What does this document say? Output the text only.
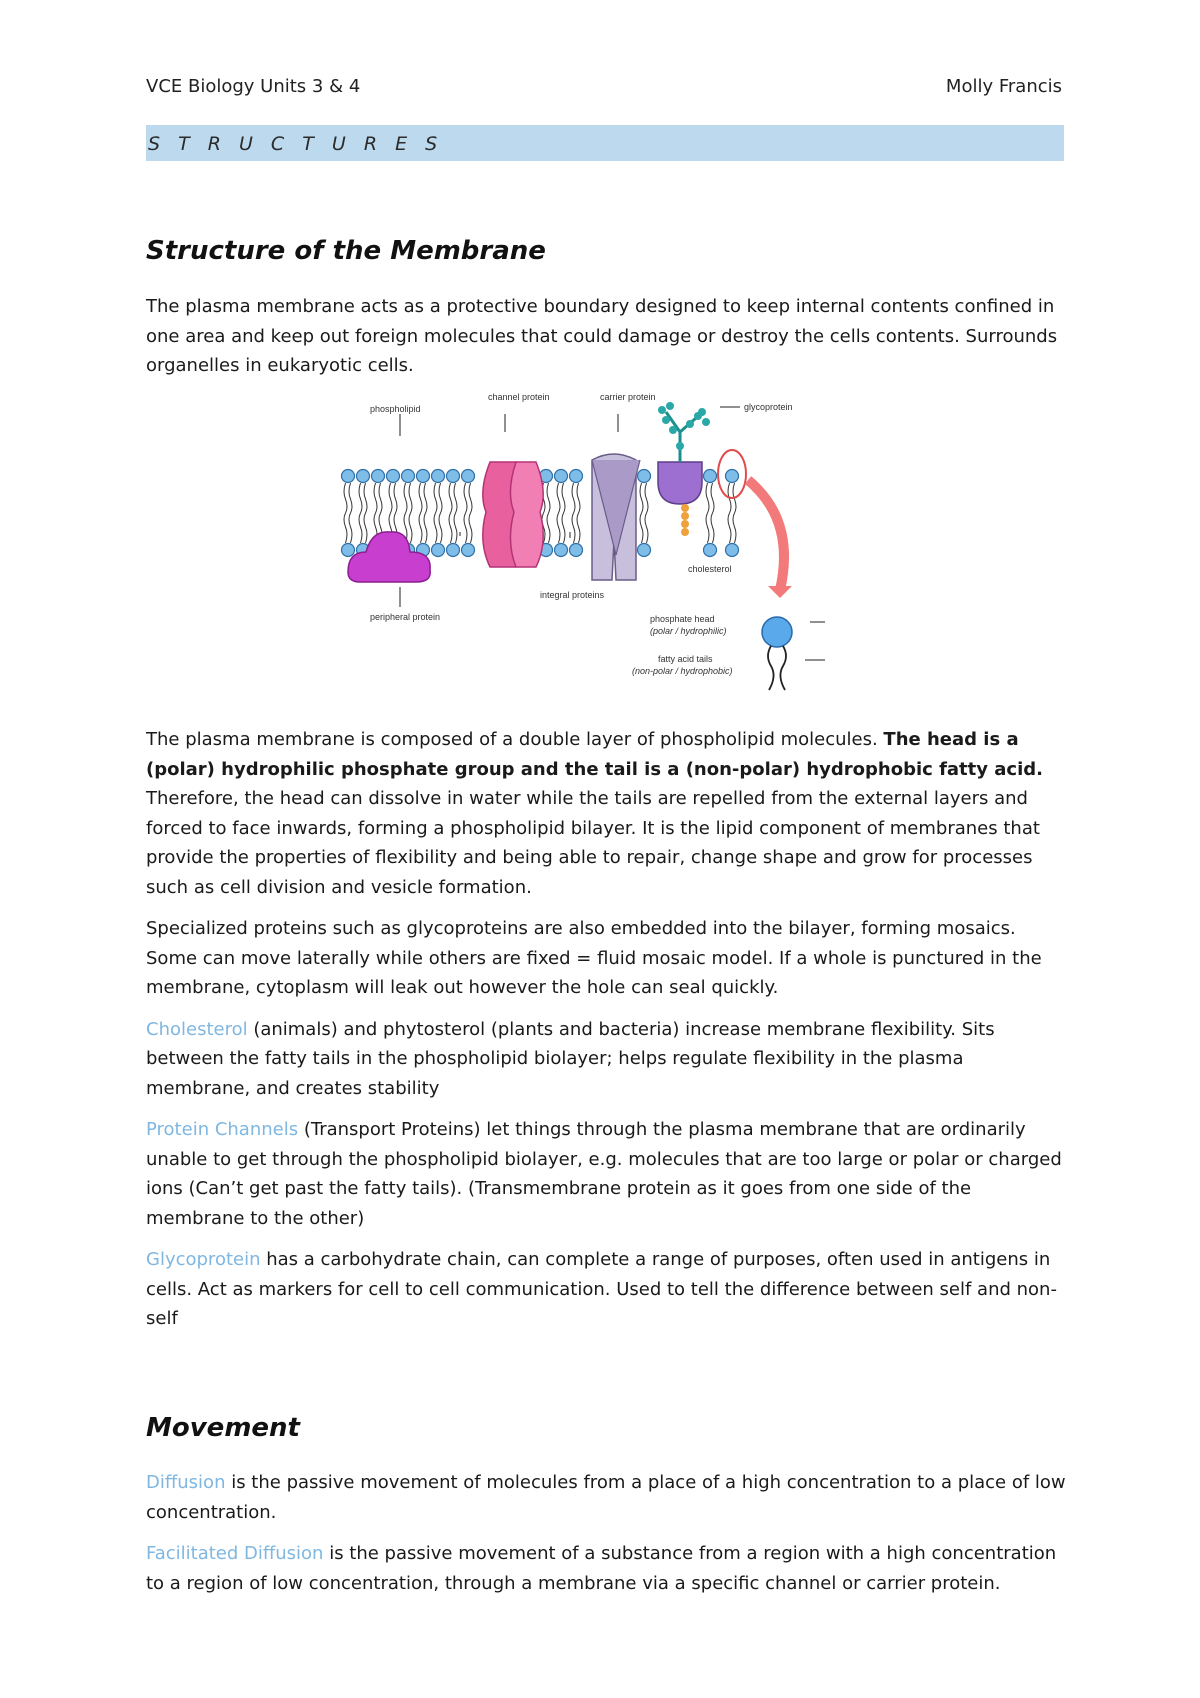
VCE Biology Units 3 & 4	Molly Francis
S T R U C T U R E S
Structure of the Membrane

The plasma membrane acts as a protective boundary designed to keep internal contents confined in one area and keep out foreign molecules that could damage or destroy the cells contents. Surrounds organelles in eukaryotic cells.

phospholipid
channel protein	carrier protein
glycoprotein
cholesterol
integral proteins
peripheral protein	phosphate head
(polar / hydrophilic)
fatty acid tails
(non-polar / hydrophobic)

The plasma membrane is composed of a double layer of phospholipid molecules. The head is a (polar) hydrophilic phosphate group and the tail is a (non-polar) hydrophobic fatty acid. Therefore, the head can dissolve in water while the tails are repelled from the external layers and forced to face inwards, forming a phospholipid bilayer. It is the lipid component of membranes that provide the properties of flexibility and being able to repair, change shape and grow for processes such as cell division and vesicle formation.

Specialized proteins such as glycoproteins are also embedded into the bilayer, forming mosaics. Some can move laterally while others are fixed = fluid mosaic model. If a whole is punctured in the membrane, cytoplasm will leak out however the hole can seal quickly.

Cholesterol (animals) and phytosterol (plants and bacteria) increase membrane flexibility. Sits between the fatty tails in the phospholipid biolayer; helps regulate flexibility in the plasma membrane, and creates stability

Protein Channels (Transport Proteins) let things through the plasma membrane that are ordinarily unable to get through the phospholipid biolayer, e.g. molecules that are too large or polar or charged ions (Can’t get past the fatty tails). (Transmembrane protein as it goes from one side of the membrane to the other)

Glycoprotein has a carbohydrate chain, can complete a range of purposes, often used in antigens in cells. Act as markers for cell to cell communication. Used to tell the difference between self and non-self

Movement

Diffusion is the passive movement of molecules from a place of a high concentration to a place of low concentration.

Facilitated Diffusion is the passive movement of a substance from a region with a high concentration to a region of low concentration, through a membrane via a specific channel or carrier protein.
